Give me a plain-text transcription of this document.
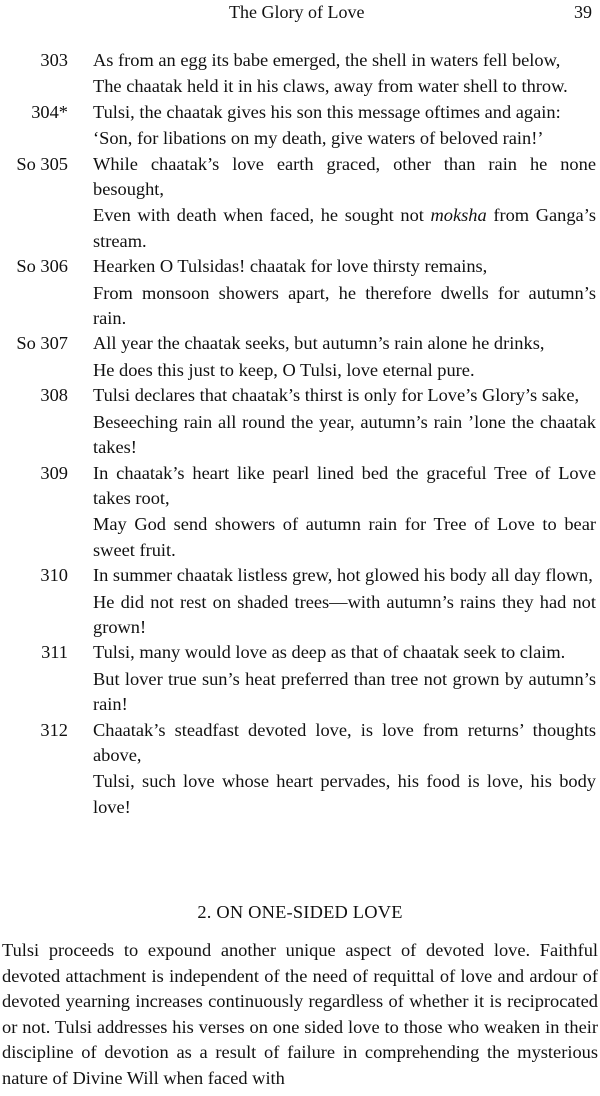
The Glory of Love	39
303 As from an egg its babe emerged, the shell in waters fell below,
The chaatak held it in his claws, away from water shell to throw.
304* Tulsi, the chaatak gives his son this message oftimes and again:
‘Son, for libations on my death, give waters of beloved rain!’
So 305 While chaatak’s love earth graced, other than rain he none besought,
Even with death when faced, he sought not moksha from Ganga’s stream.
So 306 Hearken O Tulsidas! chaatak for love thirsty remains,
From monsoon showers apart, he therefore dwells for autumn’s rain.
So 307 All year the chaatak seeks, but autumn’s rain alone he drinks,
He does this just to keep, O Tulsi, love eternal pure.
308 Tulsi declares that chaatak’s thirst is only for Love’s Glory’s sake,
Beseeching rain all round the year, autumn’s rain ’lone the chaatak takes!
309 In chaatak’s heart like pearl lined bed the graceful Tree of Love takes root,
May God send showers of autumn rain for Tree of Love to bear sweet fruit.
310 In summer chaatak listless grew, hot glowed his body all day flown,
He did not rest on shaded trees—with autumn’s rains they had not grown!
311 Tulsi, many would love as deep as that of chaatak seek to claim.
But lover true sun’s heat preferred than tree not grown by autumn’s rain!
312 Chaatak’s steadfast devoted love, is love from returns’ thoughts above,
Tulsi, such love whose heart pervades, his food is love, his body love!
2. ON ONE-SIDED LOVE

Tulsi proceeds to expound another unique aspect of devoted love. Faithful devoted attachment is independent of the need of requittal of love and ardour of devoted yearning increases continuously regardless of whether it is reciprocated or not. Tulsi addresses his verses on one sided love to those who weaken in their discipline of devotion as a result of failure in comprehending the mysterious nature of Divine Will when faced with
